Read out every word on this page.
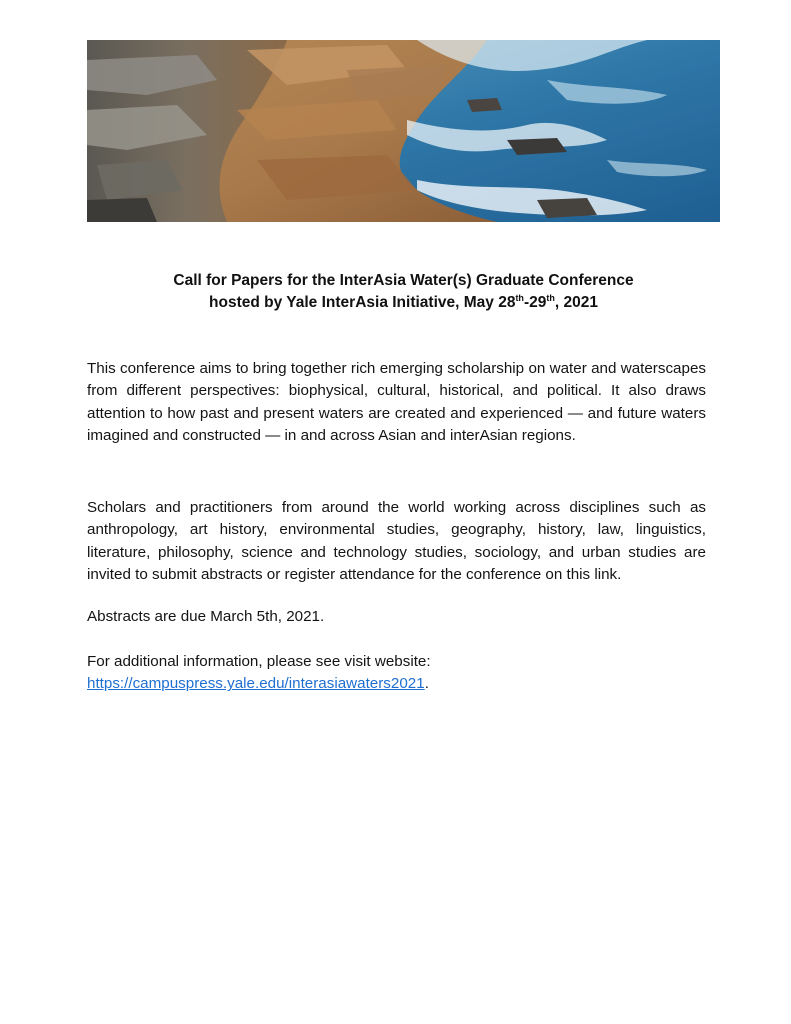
Call for Papers for the InterAsia Water(s) Graduate Conference
hosted by Yale InterAsia Initiative, May 28th-29th, 2021

This conference aims to bring together rich emerging scholarship on water and waterscapes from different perspectives: biophysical, cultural, historical, and political. It also draws attention to how past and present waters are created and experienced — and future waters imagined and constructed — in and across Asian and interAsian regions.

Scholars and practitioners from around the world working across disciplines such as anthropology, art history, environmental studies, geography, history, law, linguistics, literature, philosophy, science and technology studies, sociology, and urban studies are invited to submit abstracts or register attendance for the conference on this link.

Abstracts are due March 5th, 2021.

For additional information, please see visit website:
https://campuspress.yale.edu/interasiawaters2021.
